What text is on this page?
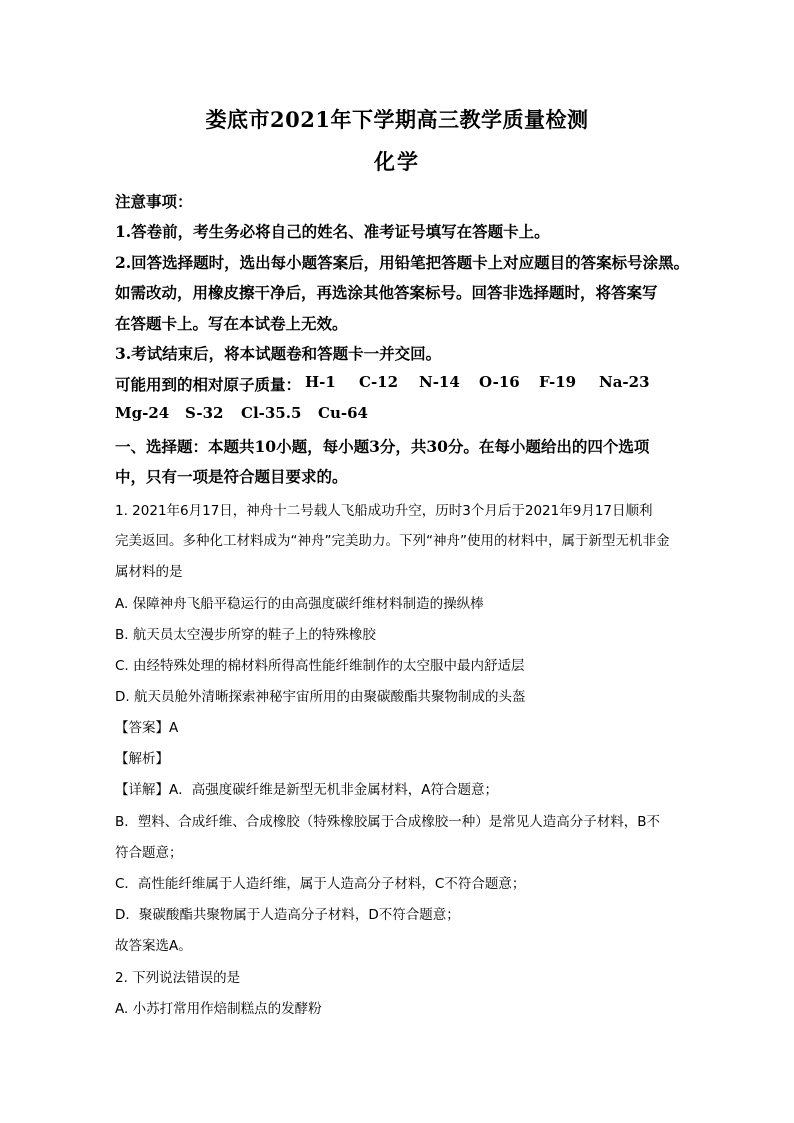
娄底市2021年下学期高三教学质量检测
化学
注意事项：
1.答卷前，考生务必将自己的姓名、准考证号填写在答题卡上。
2.回答选择题时，选出每小题答案后，用铅笔把答题卡上对应题目的答案标号涂黑。
如需改动，用橡皮擦干净后，再选涂其他答案标号。回答非选择题时，将答案写
在答题卡上。写在本试卷上无效。
3.考试结束后，将本试题卷和答题卡一并交回。
可能用到的相对原子质量： H-1 C-12 N-14 O-16 F-19 Na-23
Mg-24 S-32 Cl-35.5 Cu-64
一、选择题：本题共10小题，每小题3分，共30分。在每小题给出的四个选项
中，只有一项是符合题目要求的。
1. 2021年6月17日，神舟十二号载人飞船成功升空，历时3个月后于2021年9月17日顺利
完美返回。多种化工材料成为“神舟”完美助力。下列“神舟”使用的材料中，属于新型无机非金
属材料的是
A. 保障神舟飞船平稳运行的由高强度碳纤维材料制造的操纵棒
B. 航天员太空漫步所穿的鞋子上的特殊橡胶
C. 由经特殊处理的棉材料所得高性能纤维制作的太空服中最内舒适层
D. 航天员舱外清晰探索神秘宇宙所用的由聚碳酸酯共聚物制成的头盔
【答案】A
【解析】
【详解】A．高强度碳纤维是新型无机非金属材料，A符合题意；
B．塑料、合成纤维、合成橡胶（特殊橡胶属于合成橡胶一种）是常见人造高分子材料，B不
符合题意；
C．高性能纤维属于人造纤维，属于人造高分子材料，C不符合题意；
D．聚碳酸酯共聚物属于人造高分子材料，D不符合题意；
故答案选A。
2. 下列说法错误的是
A. 小苏打常用作焙制糕点的发酵粉
